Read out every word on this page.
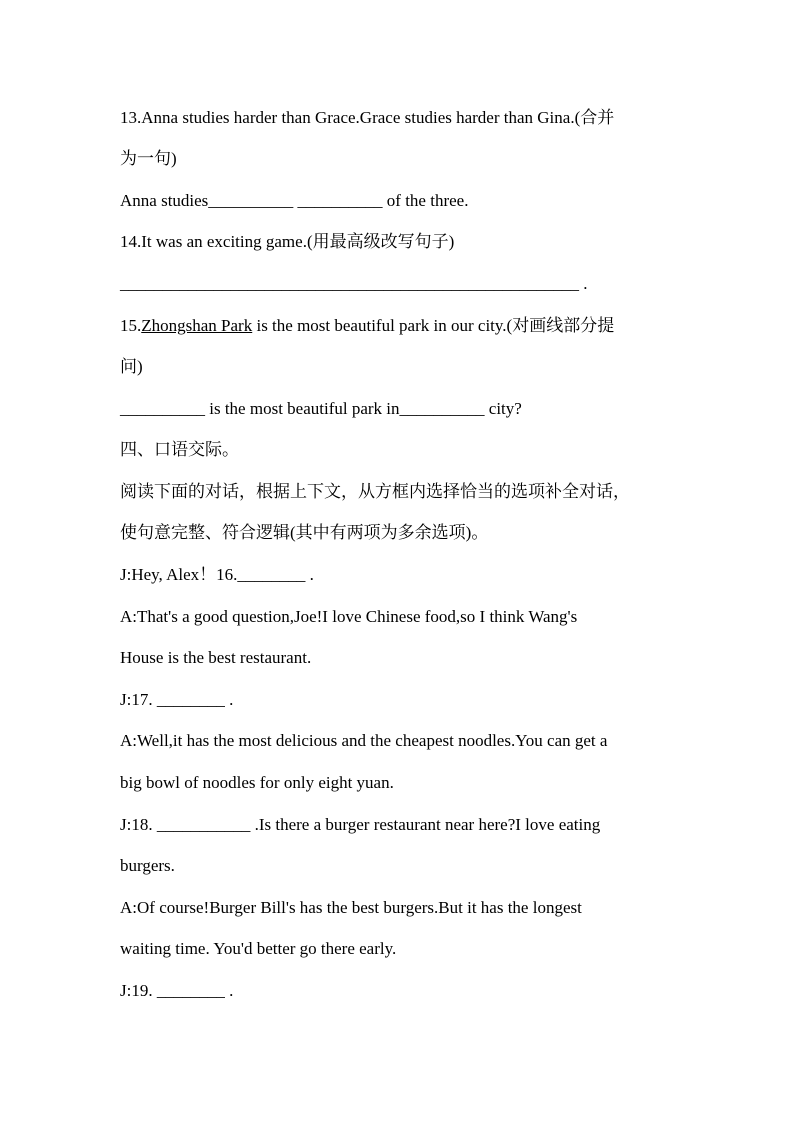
13.Anna studies harder than Grace.Grace studies harder than Gina.(合并
为一句)
Anna studies__________ __________ of the three.
14.It was an exciting game.(用最高级改写句子)
______________________________________________________ .
15.Zhongshan Park is the most beautiful park in our city.(对画线部分提
问)
__________ is the most beautiful park in__________ city?
四、口语交际。
阅读下面的对话，根据上下文，从方框内选择恰当的选项补全对话，
使句意完整、符合逻辑(其中有两项为多余选项)。
J:Hey, Alex！16.________ .
A:That's a good question,Joe!I love Chinese food,so I think Wang's
House is the best restaurant.
J:17. ________ .
A:Well,it has the most delicious and the cheapest noodles.You can get a
big bowl of noodles for only eight yuan.
J:18. ___________ .Is there a burger restaurant near here?I love eating
burgers.
A:Of course!Burger Bill's has the best burgers.But it has the longest
waiting time. You'd better go there early.
J:19. ________ .
